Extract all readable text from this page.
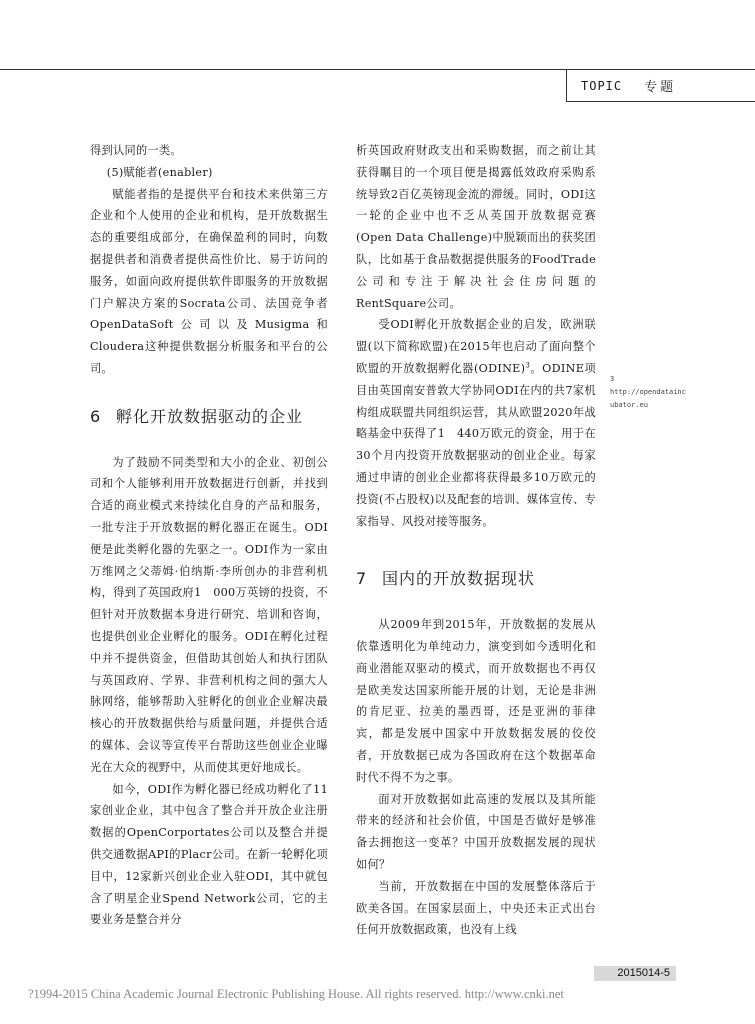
TOPIC 专题

得到认同的一类。

(5)赋能者(enabler)

赋能者指的是提供平台和技术来供第三方企业和个人使用的企业和机构，是开放数据生态的重要组成部分，在确保盈利的同时，向数据提供者和消费者提供高性价比、易于访问的服务，如面向政府提供软件即服务的开放数据门户解决方案的Socrata公司、法国竞争者OpenDataSoft公司以及Musigma和Cloudera这种提供数据分析服务和平台的公司。

6 孵化开放数据驱动的企业

为了鼓励不同类型和大小的企业、初创公司和个人能够利用开放数据进行创新，并找到合适的商业模式来持续化自身的产品和服务，一批专注于开放数据的孵化器正在诞生。ODI便是此类孵化器的先驱之一。ODI作为一家由万维网之父蒂姆·伯纳斯·李所创办的非营利机构，得到了英国政府1　000万英镑的投资，不但针对开放数据本身进行研究、培训和咨询，也提供创业企业孵化的服务。ODI在孵化过程中并不提供资金，但借助其创始人和执行团队与英国政府、学界、非营利机构之间的强大人脉网络，能够帮助入驻孵化的创业企业解决最核心的开放数据供给与质量问题，并提供合适的媒体、会议等宣传平台帮助这些创业企业曝光在大众的视野中，从而使其更好地成长。

如今，ODI作为孵化器已经成功孵化了11家创业企业，其中包含了整合并开放企业注册数据的OpenCorportates公司以及整合并提供交通数据API的Placr公司。在新一轮孵化项目中，12家新兴创业企业入驻ODI，其中就包含了明星企业Spend Network公司，它的主要业务是整合并分

析英国政府财政支出和采购数据，而之前让其获得瞩目的一个项目便是揭露低效政府采购系统导致2百亿英镑现金流的滞缓。同时，ODI这一轮的企业中也不乏从英国开放数据竞赛(Open Data Challenge)中脱颖而出的获奖团队，比如基于食品数据提供服务的FoodTrade公司和专注于解决社会住房问题的RentSquare公司。

受ODI孵化开放数据企业的启发，欧洲联盟(以下简称欧盟)在2015年也启动了面向整个欧盟的开放数据孵化器(ODINE)$^3$。ODINE项目由英国南安普敦大学协同ODI在内的共7家机构组成联盟共同组织运营，其从欧盟2020年战略基金中获得了1　440万欧元的资金，用于在30个月内投资开放数据驱动的创业企业。每家通过申请的创业企业都将获得最多10万欧元的投资(不占股权)以及配套的培训、媒体宣传、专家指导、风投对接等服务。

7 国内的开放数据现状

从2009年到2015年，开放数据的发展从依靠透明化为单纯动力，演变到如今透明化和商业潜能双驱动的模式，而开放数据也不再仅是欧美发达国家所能开展的计划，无论是非洲的肯尼亚、拉美的墨西哥，还是亚洲的菲律宾，都是发展中国家中开放数据发展的佼佼者，开放数据已成为各国政府在这个数据革命时代不得不为之事。

面对开放数据如此高速的发展以及其所能带来的经济和社会价值，中国是否做好是够准备去拥抱这一变革？中国开放数据发展的现状如何？

当前，开放数据在中国的发展整体落后于欧美各国。在国家层面上，中央还未正式出台任何开放数据政策，也没有上线

3
http://opendataincubator.eu
2015014-5
?1994-2015 China Academic Journal Electronic Publishing House. All rights reserved. http://www.cnki.net
